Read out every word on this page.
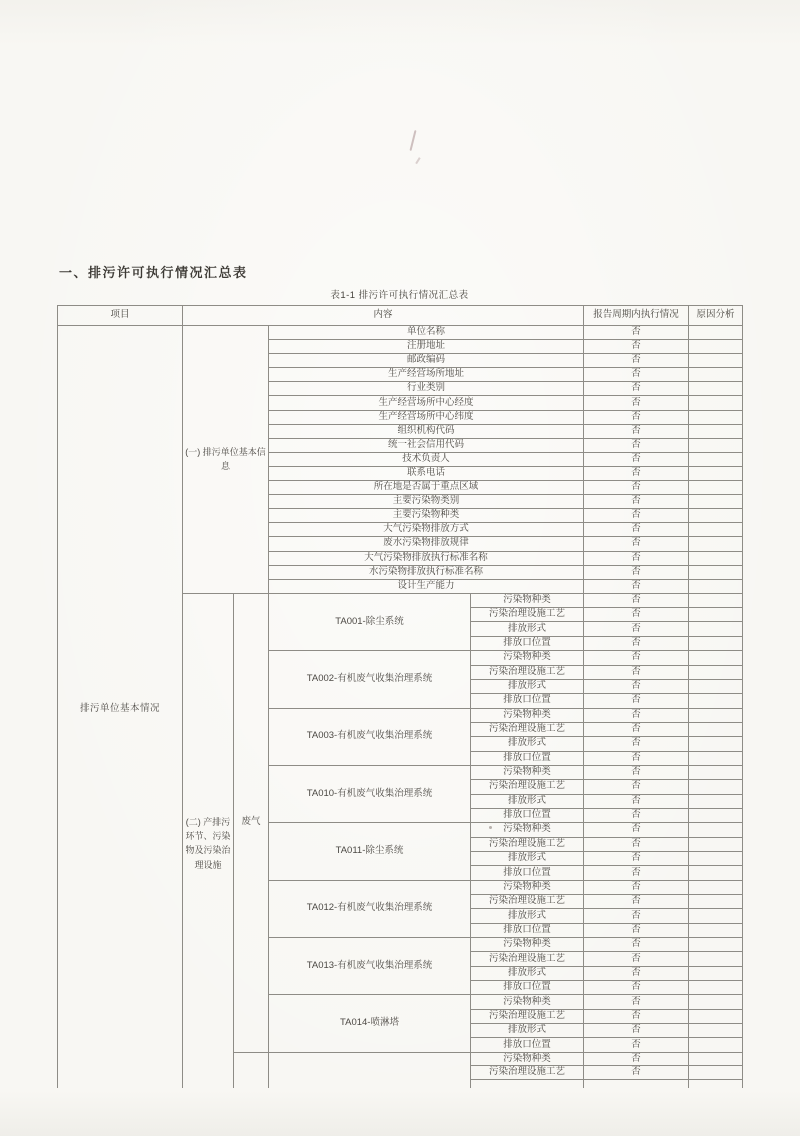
一、排污许可执行情况汇总表
表1-1 排污许可执行情况汇总表
项目	内容				报告周期内执行情况	原因分析
排污单位基本情况	(一) 排污单位基本信息		单位名称		否	
			注册地址		否	
			邮政编码		否	
			生产经营场所地址		否	
			行业类别		否	
			生产经营场所中心经度		否	
			生产经营场所中心纬度		否	
			组织机构代码		否	
			统一社会信用代码		否	
			技术负责人		否	
			联系电话		否	
			所在地是否属于重点区域		否	
			主要污染物类别		否	
			主要污染物种类		否	
			大气污染物排放方式		否	
			废水污染物排放规律		否	
			大气污染物排放执行标准名称		否	
			水污染物排放执行标准名称		否	
			设计生产能力		否	
	(二) 产排污环节、污染物及污染治理设施	废气	TA001-除尘系统	污染物种类	否	
				污染治理设施工艺	否	
				排放形式	否	
				排放口位置	否	
			TA002-有机废气收集治理系统	污染物种类	否	
				污染治理设施工艺	否	
				排放形式	否	
				排放口位置	否	
			TA003-有机废气收集治理系统	污染物种类	否	
				污染治理设施工艺	否	
				排放形式	否	
				排放口位置	否	
			TA010-有机废气收集治理系统	污染物种类	否	
				污染治理设施工艺	否	
				排放形式	否	
				排放口位置	否	
			TA011-除尘系统	污染物种类	否	
				污染治理设施工艺	否	
				排放形式	否	
				排放口位置	否	
			TA012-有机废气收集治理系统	污染物种类	否	
				污染治理设施工艺	否	
				排放形式	否	
				排放口位置	否	
			TA013-有机废气收集治理系统	污染物种类	否	
				污染治理设施工艺	否	
				排放形式	否	
				排放口位置	否	
			TA014-喷淋塔	污染物种类	否	
				污染治理设施工艺	否	
				排放形式	否	
				排放口位置	否	
				污染物种类	否	
				污染治理设施工艺	否	
